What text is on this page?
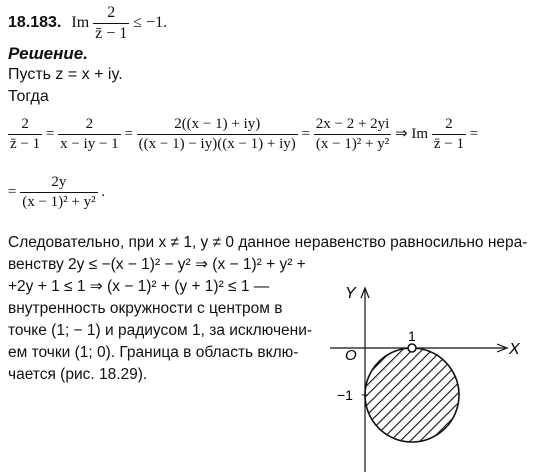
18.183. Im $\frac{2}{z̄ - 1} \le -1$.
Решение.
Пусть z = x + iy.
Тогда
$\frac{2}{z̄ - 1} = \frac{2}{x - iy - 1} = \frac{2((x - 1) + iy)}{((x - 1) - iy)((x - 1) + iy)} = \frac{2x - 2 + 2yi}{\text{(x − 1)² + y²}}$ ⇒ Im $\frac{2}{z̄ - 1}$ =
= $\frac{2y}{\text{(x − 1)² + y²}}$ .
Следовательно, при x ≠ 1, y ≠ 0 данное неравенство равносильно нера-
венству 2y ≤ −(x − 1)² − y² ⇒ (x − 1)² + y² +
+2y + 1 ≤ 1 ⇒ (x − 1)² + (y + 1)² ≤ 1 —
внутренность окружности с центром в
точке (1; − 1) и радиусом 1, за исключени-
ем точки (1; 0). Граница в область вклю-
чается (рис. 18.29).
Y
X
O
1
−1
